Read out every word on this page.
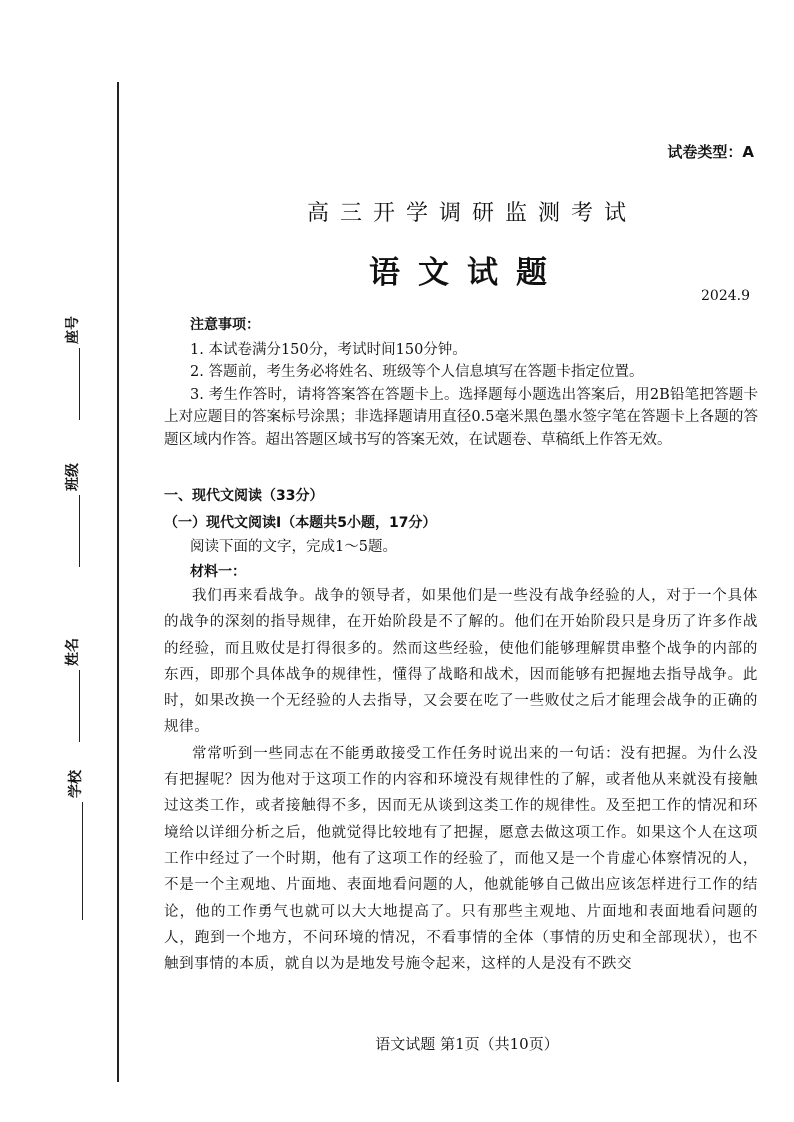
座号
班级
姓名
学校
试卷类型：A
高三开学调研监测考试
语文试题
2024.9
注意事项：

1. 本试卷满分150分，考试时间150分钟。

2. 答题前，考生务必将姓名、班级等个人信息填写在答题卡指定位置。

3. 考生作答时，请将答案答在答题卡上。选择题每小题选出答案后，用2B铅笔把答题卡上对应题目的答案标号涂黑；非选择题请用直径0.5毫米黑色墨水签字笔在答题卡上各题的答题区域内作答。超出答题区域书写的答案无效，在试题卷、草稿纸上作答无效。

一、现代文阅读（33分）
（一）现代文阅读Ⅰ（本题共5小题，17分）

阅读下面的文字，完成1～5题。

材料一：

我们再来看战争。战争的领导者，如果他们是一些没有战争经验的人，对于一个具体的战争的深刻的指导规律，在开始阶段是不了解的。他们在开始阶段只是身历了许多作战的经验，而且败仗是打得很多的。然而这些经验，使他们能够理解贯串整个战争的内部的东西，即那个具体战争的规律性，懂得了战略和战术，因而能够有把握地去指导战争。此时，如果改换一个无经验的人去指导，又会要在吃了一些败仗之后才能理会战争的正确的规律。

常常听到一些同志在不能勇敢接受工作任务时说出来的一句话：没有把握。为什么没有把握呢？因为他对于这项工作的内容和环境没有规律性的了解，或者他从来就没有接触过这类工作，或者接触得不多，因而无从谈到这类工作的规律性。及至把工作的情况和环境给以详细分析之后，他就觉得比较地有了把握，愿意去做这项工作。如果这个人在这项工作中经过了一个时期，他有了这项工作的经验了，而他又是一个肯虚心体察情况的人，不是一个主观地、片面地、表面地看问题的人，他就能够自己做出应该怎样进行工作的结论，他的工作勇气也就可以大大地提高了。只有那些主观地、片面地和表面地看问题的人，跑到一个地方，不问环境的情况，不看事情的全体（事情的历史和全部现状），也不触到事情的本质，就自以为是地发号施令起来，这样的人是没有不跌交

语文试题 第1页（共10页）
